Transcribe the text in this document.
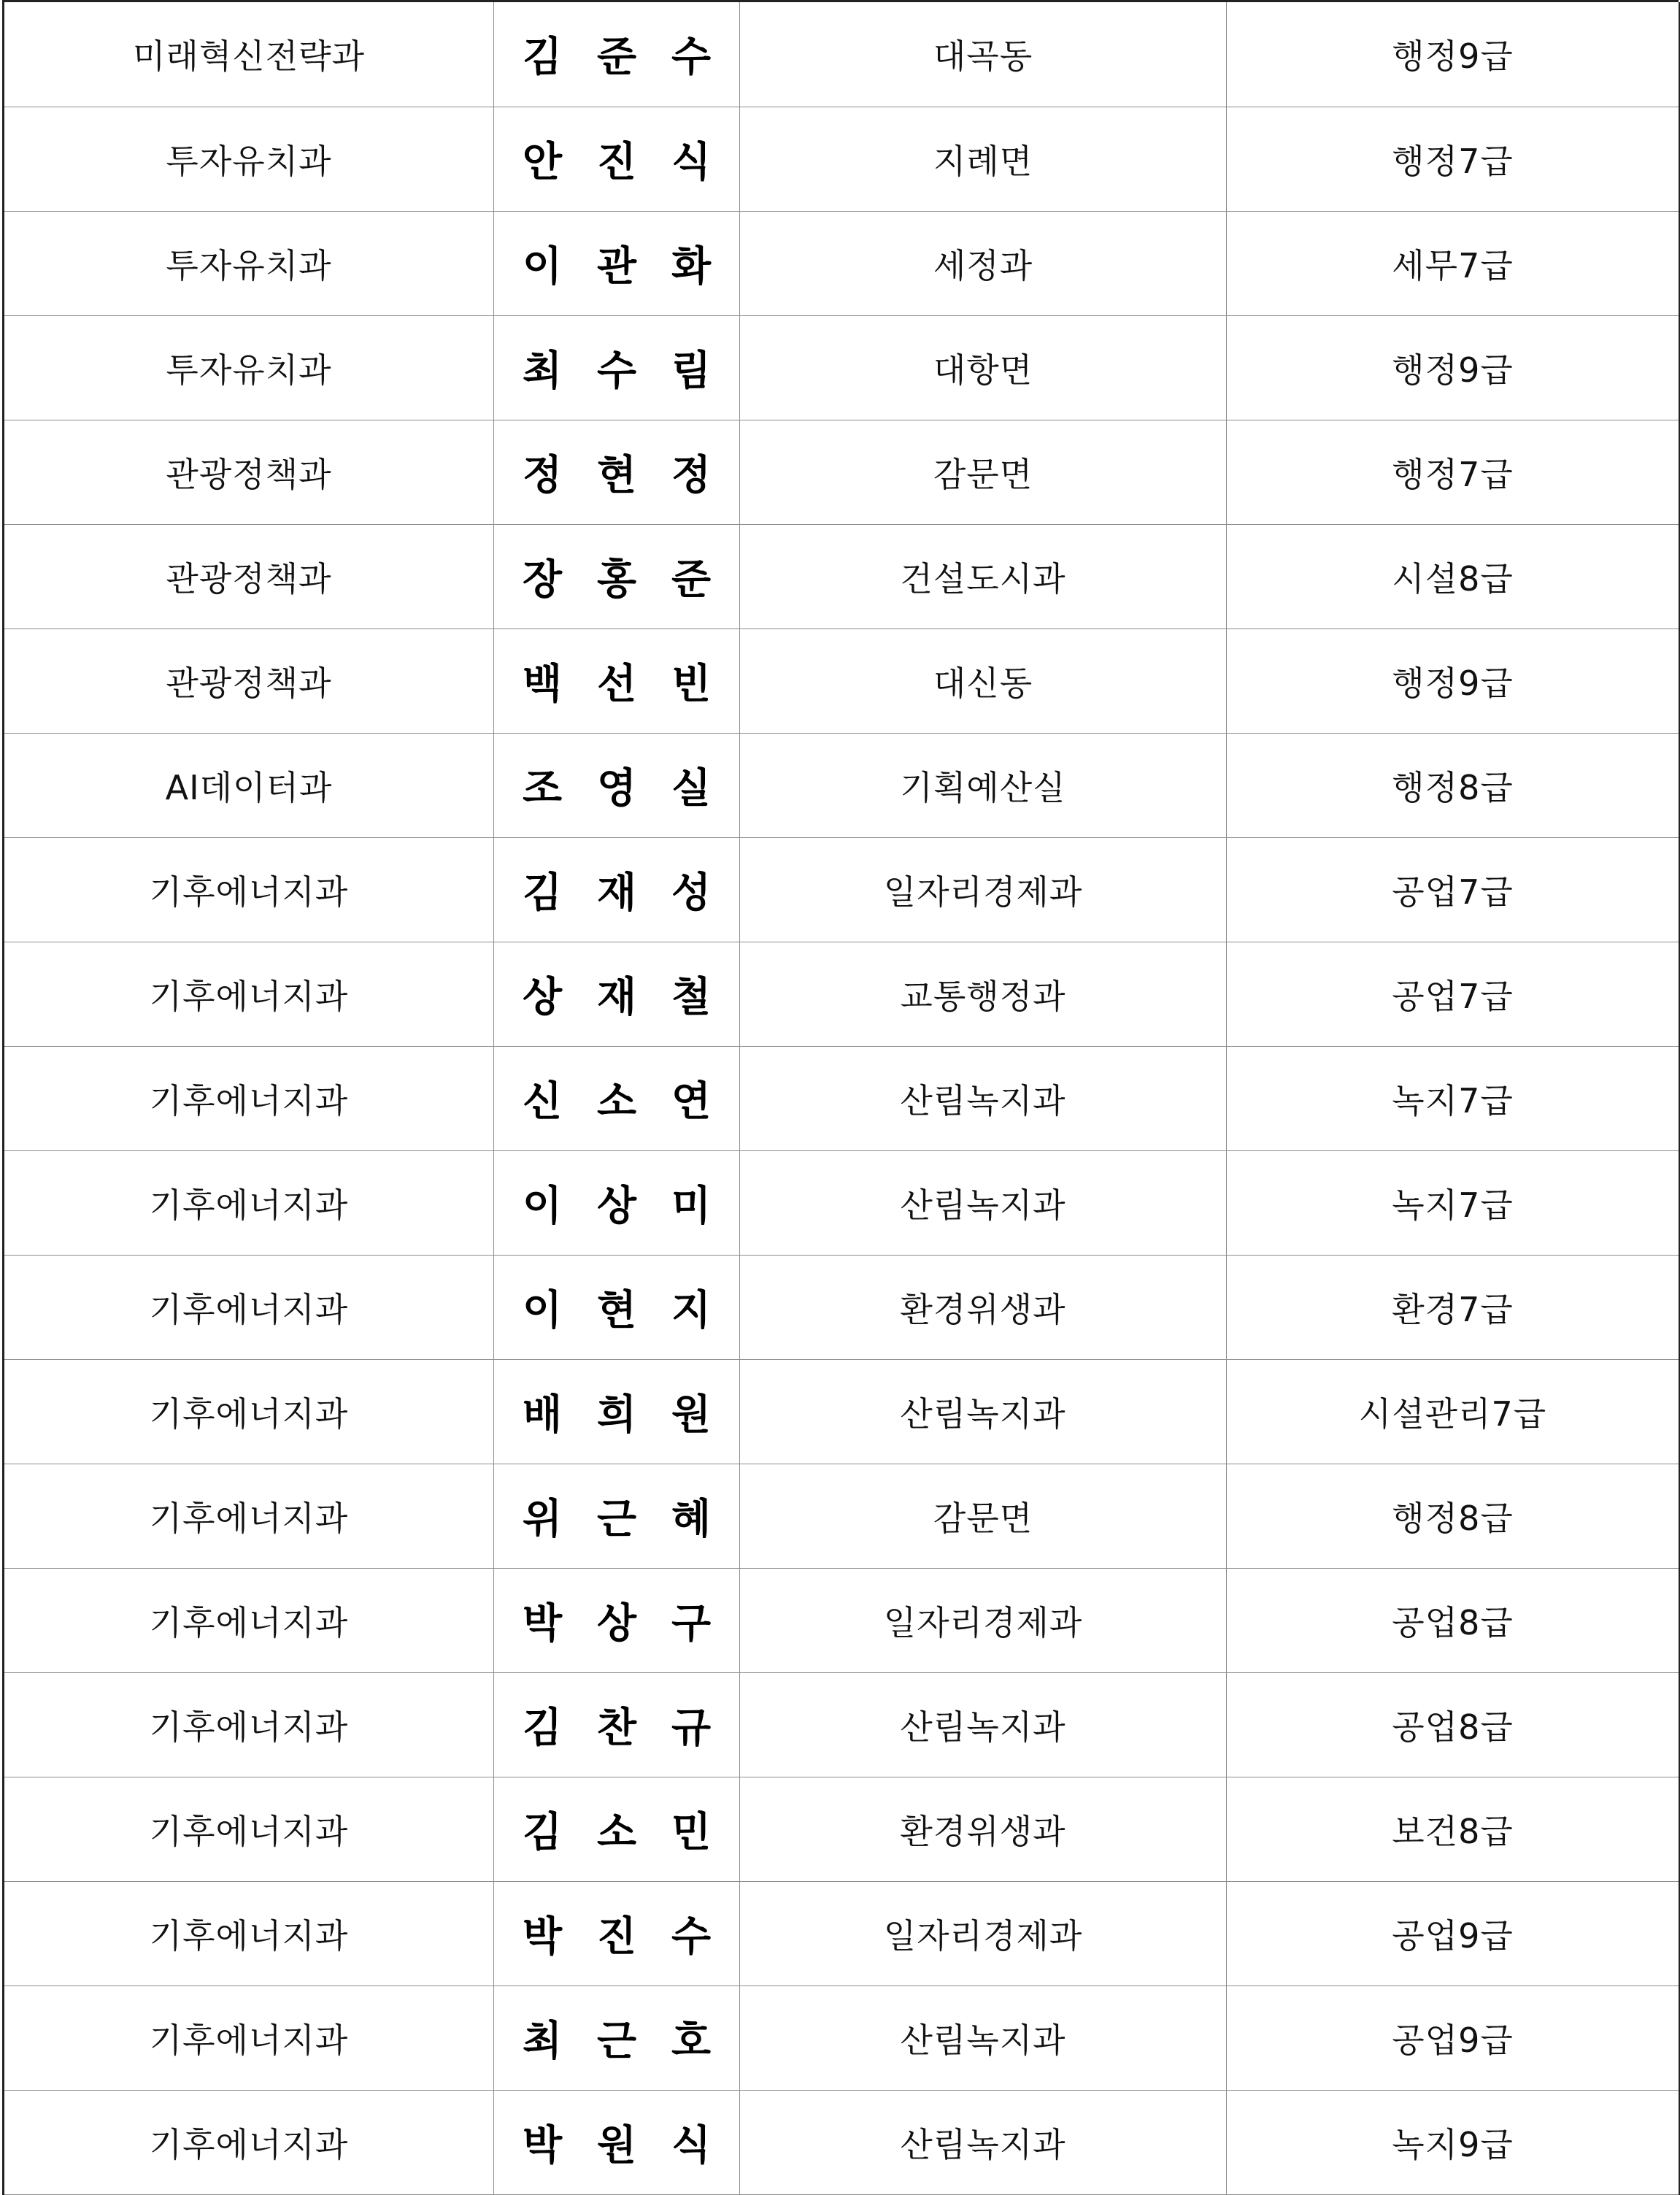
미래혁신전략과	김 준 수	대곡동	행정9급
투자유치과	안 진 식	지례면	행정7급
투자유치과	이 관 화	세정과	세무7급
투자유치과	최 수 림	대항면	행정9급
관광정책과	정 현 정	감문면	행정7급
관광정책과	장 홍 준	건설도시과	시설8급
관광정책과	백 선 빈	대신동	행정9급
AI데이터과	조 영 실	기획예산실	행정8급
기후에너지과	김 재 성	일자리경제과	공업7급
기후에너지과	상 재 철	교통행정과	공업7급
기후에너지과	신 소 연	산림녹지과	녹지7급
기후에너지과	이 상 미	산림녹지과	녹지7급
기후에너지과	이 현 지	환경위생과	환경7급
기후에너지과	배 희 원	산림녹지과	시설관리7급
기후에너지과	위 근 혜	감문면	행정8급
기후에너지과	박 상 구	일자리경제과	공업8급
기후에너지과	김 찬 규	산림녹지과	공업8급
기후에너지과	김 소 민	환경위생과	보건8급
기후에너지과	박 진 수	일자리경제과	공업9급
기후에너지과	최 근 호	산림녹지과	공업9급
기후에너지과	박 원 식	산림녹지과	녹지9급
